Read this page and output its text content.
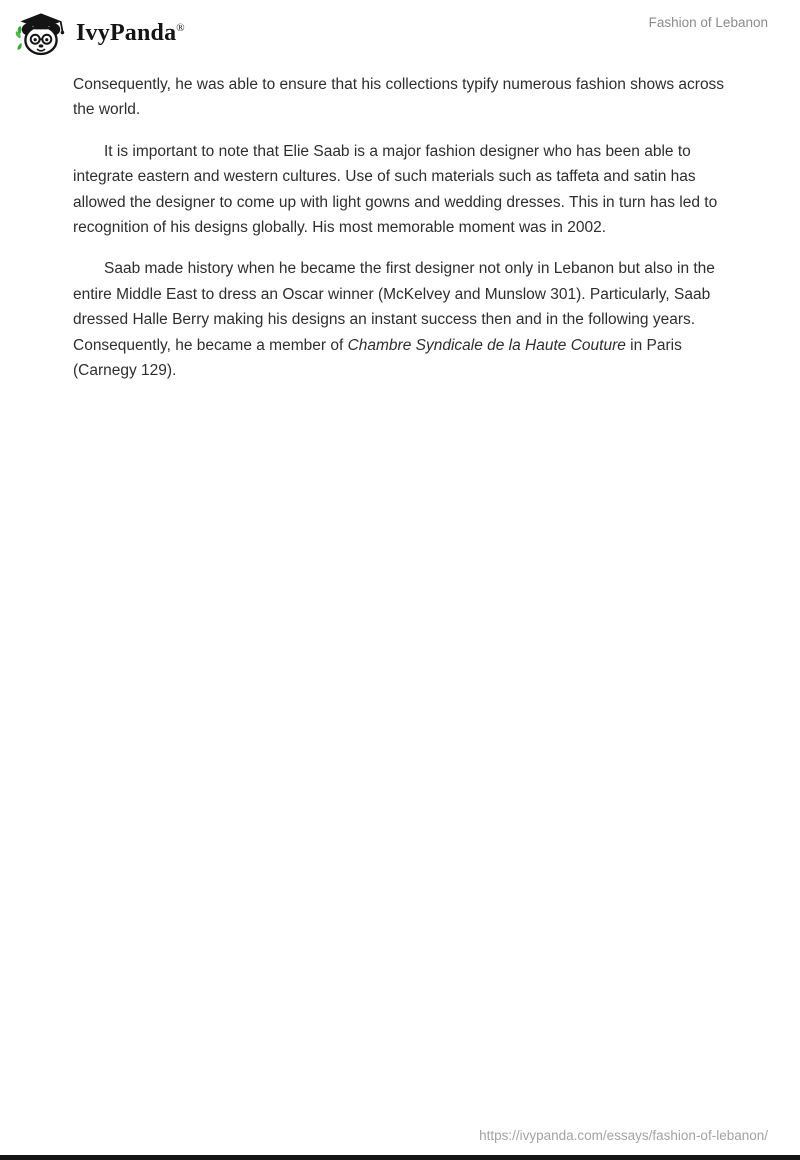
IvyPanda®	Fashion of Lebanon

Consequently, he was able to ensure that his collections typify numerous fashion shows across the world.

It is important to note that Elie Saab is a major fashion designer who has been able to integrate eastern and western cultures. Use of such materials such as taffeta and satin has allowed the designer to come up with light gowns and wedding dresses. This in turn has led to recognition of his designs globally. His most memorable moment was in 2002.

Saab made history when he became the first designer not only in Lebanon but also in the entire Middle East to dress an Oscar winner (McKelvey and Munslow 301). Particularly, Saab dressed Halle Berry making his designs an instant success then and in the following years. Consequently, he became a member of Chambre Syndicale de la Haute Couture in Paris (Carnegy 129).

https://ivypanda.com/essays/fashion-of-lebanon/
